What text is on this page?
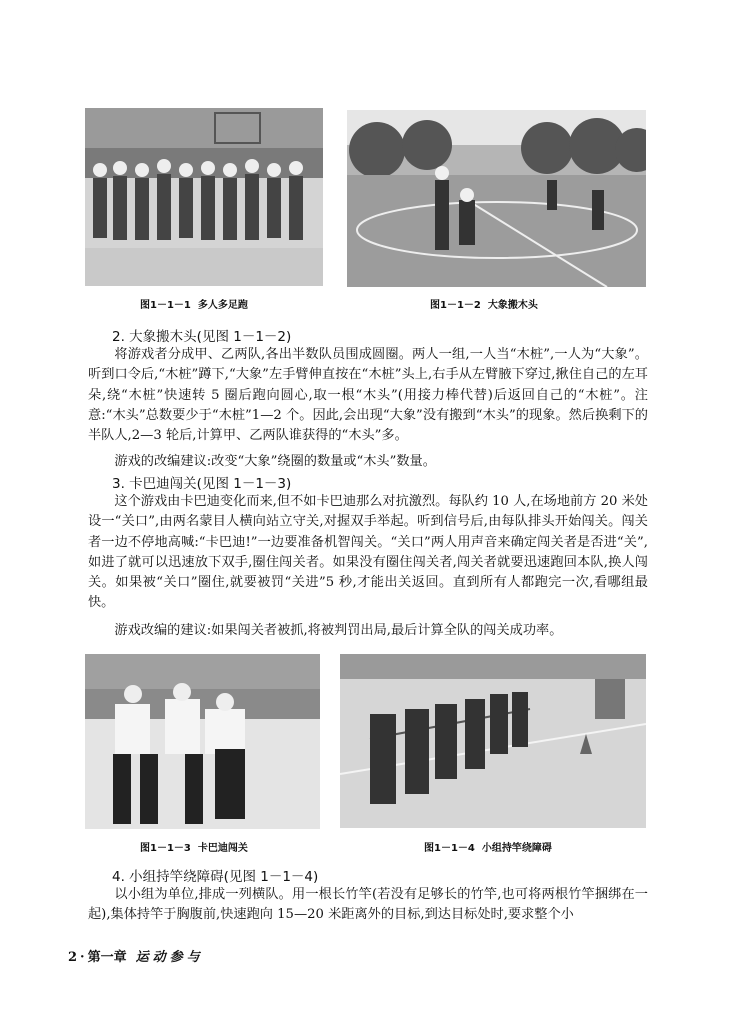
图1－1－1 多人多足跑	图1－1－2 大象搬木头
2. 大象搬木头(见图 1－1－2)
将游戏者分成甲、乙两队,各出半数队员围成圆圈。两人一组,一人当“木桩”,一人为“大象”。听到口令后,“木桩”蹲下,“大象”左手臂伸直按在“木桩”头上,右手从左臂腋下穿过,揪住自己的左耳朵,绕“木桩”快速转 5 圈后跑向圆心,取一根“木头”(用接力棒代替)后返回自己的“木桩”。注意:“木头”总数要少于“木桩”1—2 个。因此,会出现“大象”没有搬到“木头”的现象。然后换剩下的半队人,2—3 轮后,计算甲、乙两队谁获得的“木头”多。
游戏的改编建议:改变“大象”绕圈的数量或“木头”数量。
3. 卡巴迪闯关(见图 1－1－3)
这个游戏由卡巴迪变化而来,但不如卡巴迪那么对抗激烈。每队约 10 人,在场地前方 20 米处设一“关口”,由两名蒙目人横向站立守关,对握双手举起。听到信号后,由每队排头开始闯关。闯关者一边不停地高喊:“卡巴迪!”一边要准备机智闯关。“关口”两人用声音来确定闯关者是否进“关”,如进了就可以迅速放下双手,圈住闯关者。如果没有圈住闯关者,闯关者就要迅速跑回本队,换人闯关。如果被“关口”圈住,就要被罚“关进”5 秒,才能出关返回。直到所有人都跑完一次,看哪组最快。
游戏改编的建议:如果闯关者被抓,将被判罚出局,最后计算全队的闯关成功率。
图1－1－3 卡巴迪闯关	图1－1－4 小组持竿绕障碍
4. 小组持竿绕障碍(见图 1－1－4)
以小组为单位,排成一列横队。用一根长竹竿(若没有足够长的竹竿,也可将两根竹竿捆绑在一起),集体持竿于胸腹前,快速跑向 15—20 米距离外的目标,到达目标处时,要求整个小
2 · 第一章 运动参与
